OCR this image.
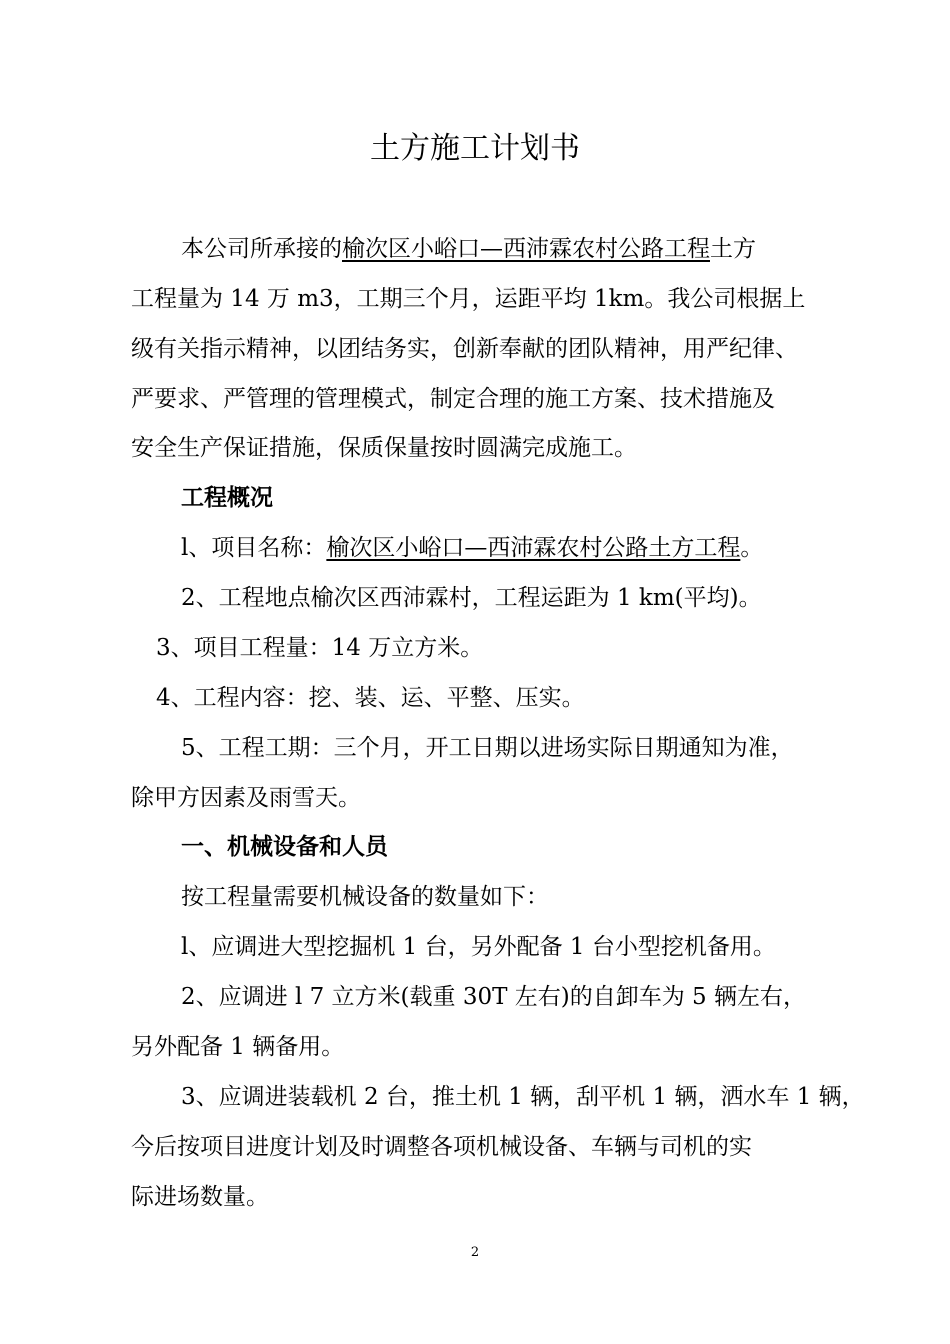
土方施工计划书
本公司所承接的榆次区小峪口—西沛霖农村公路工程土方
工程量为 14 万 m3，工期三个月，运距平均 1km。我公司根据上
级有关指示精神，以团结务实，创新奉献的团队精神，用严纪律、
严要求、严管理的管理模式，制定合理的施工方案、技术措施及
安全生产保证措施，保质保量按时圆满完成施工。
工程概况
l、项目名称：榆次区小峪口—西沛霖农村公路土方工程。
2、工程地点榆次区西沛霖村，工程运距为 1 km(平均)。
3、项目工程量：14 万立方米。
4、工程内容：挖、装、运、平整、压实。
5、工程工期：三个月，开工日期以进场实际日期通知为准，
除甲方因素及雨雪天。
一、机械设备和人员
按工程量需要机械设备的数量如下：
l、应调进大型挖掘机 1 台，另外配备 1 台小型挖机备用。
2、应调进 l 7 立方米(载重 30T 左右)的自卸车为 5 辆左右，
另外配备 1 辆备用。
3、应调进装载机 2 台，推土机 1 辆，刮平机 1 辆，洒水车 1 辆，
今后按项目进度计划及时调整各项机械设备、车辆与司机的实
际进场数量。
2
